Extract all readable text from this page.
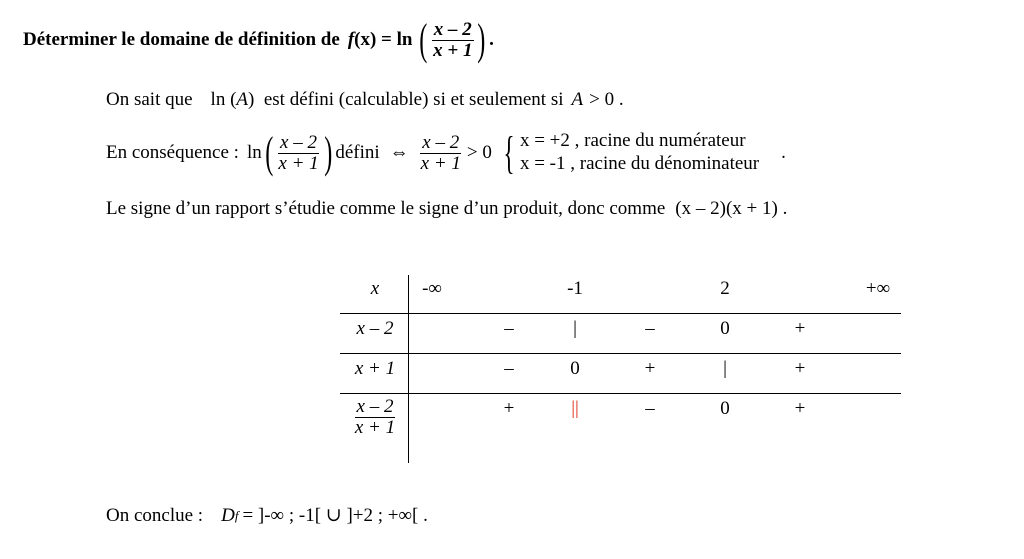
Déterminer le domaine de définition de f (x) = ln ( $\frac{x - 2}{x + 1}$ ) .
On sait que ln ( A )  est défini (calculable) si et seulement si A > 0 .
En conséquence : ln ( $\frac{x - 2}{x + 1}$ ) défini ⇔ $\frac{x - 2}{x + 1} > 0$ { x = +2 , racine du numérateur
x = -1 , racine du dénominateur
.
Le signe d’un rapport s’étudie comme le signe d’un produit, donc comme (x – 2)(x + 1) .
x	-∞	-1	2	+∞
x – 2	–	|	–	0	+
x + 1	–	0	+	|	+
$\frac{x - 2}{x + 1}$	+	||	–	0	+
On conclue : D f = ]-∞ ; -1[ ∪ ]+2 ; +∞[ .
